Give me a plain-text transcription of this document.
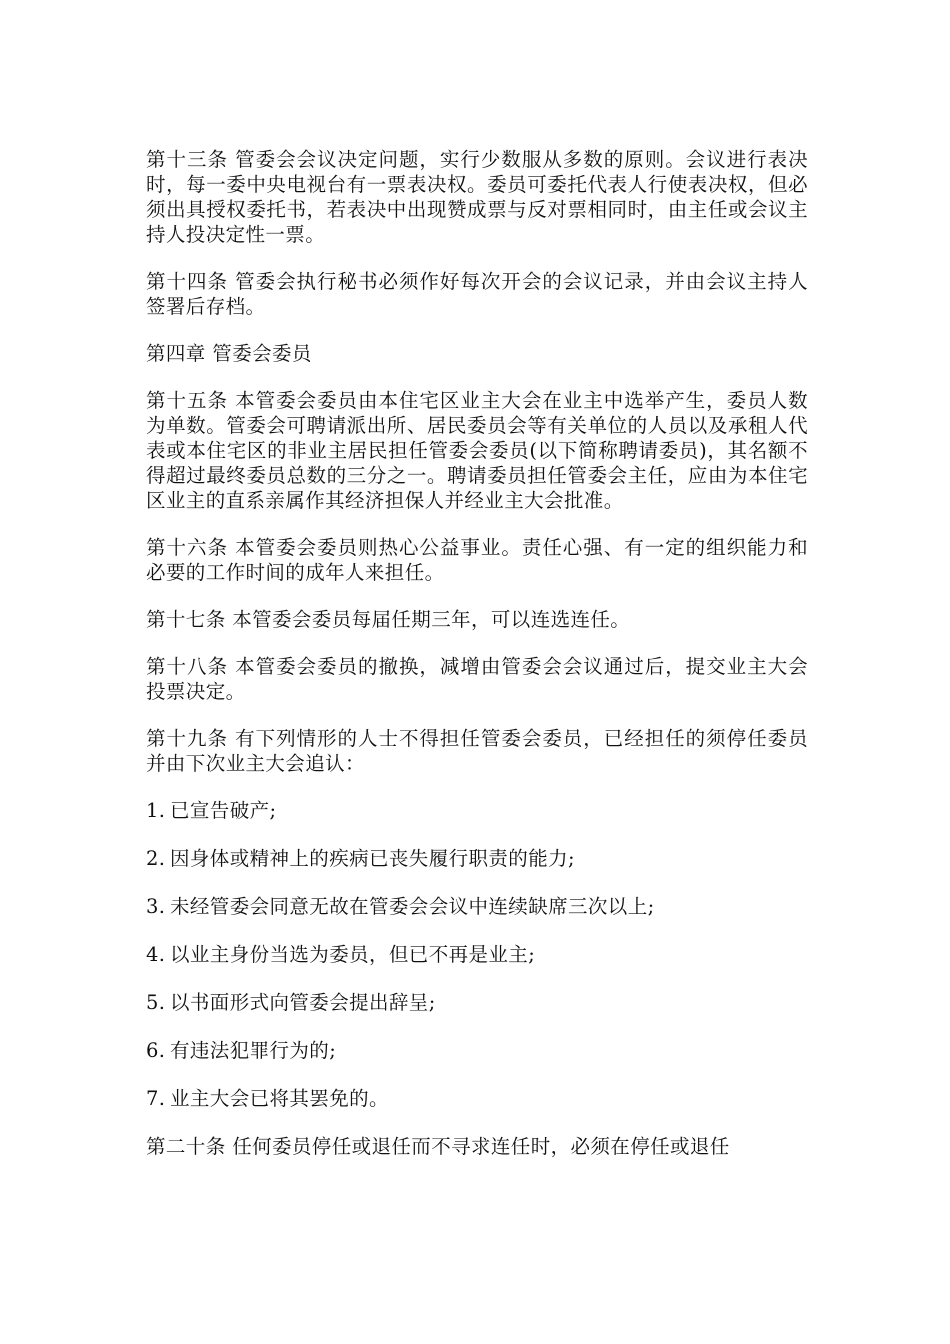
第十三条 管委会会议决定问题，实行少数服从多数的原则。会议进行表决时，每一委中央电视台有一票表决权。委员可委托代表人行使表决权，但必须出具授权委托书，若表决中出现赞成票与反对票相同时，由主任或会议主持人投决定性一票。

第十四条 管委会执行秘书必须作好每次开会的会议记录，并由会议主持人签署后存档。

第四章 管委会委员

第十五条 本管委会委员由本住宅区业主大会在业主中选举产生，委员人数为单数。管委会可聘请派出所、居民委员会等有关单位的人员以及承租人代表或本住宅区的非业主居民担任管委会委员(以下简称聘请委员)，其名额不得超过最终委员总数的三分之一。聘请委员担任管委会主任，应由为本住宅区业主的直系亲属作其经济担保人并经业主大会批准。

第十六条 本管委会委员则热心公益事业。责任心强、有一定的组织能力和必要的工作时间的成年人来担任。

第十七条 本管委会委员每届任期三年，可以连选连任。

第十八条 本管委会委员的撤换，减增由管委会会议通过后，提交业主大会投票决定。

第十九条 有下列情形的人士不得担任管委会委员，已经担任的须停任委员并由下次业主大会追认：

1. 已宣告破产;
2. 因身体或精神上的疾病已丧失履行职责的能力;
3. 未经管委会同意无故在管委会会议中连续缺席三次以上;
4. 以业主身份当选为委员，但已不再是业主;
5. 以书面形式向管委会提出辞呈;
6. 有违法犯罪行为的;
7. 业主大会已将其罢免的。

第二十条 任何委员停任或退任而不寻求连任时，必须在停任或退任
